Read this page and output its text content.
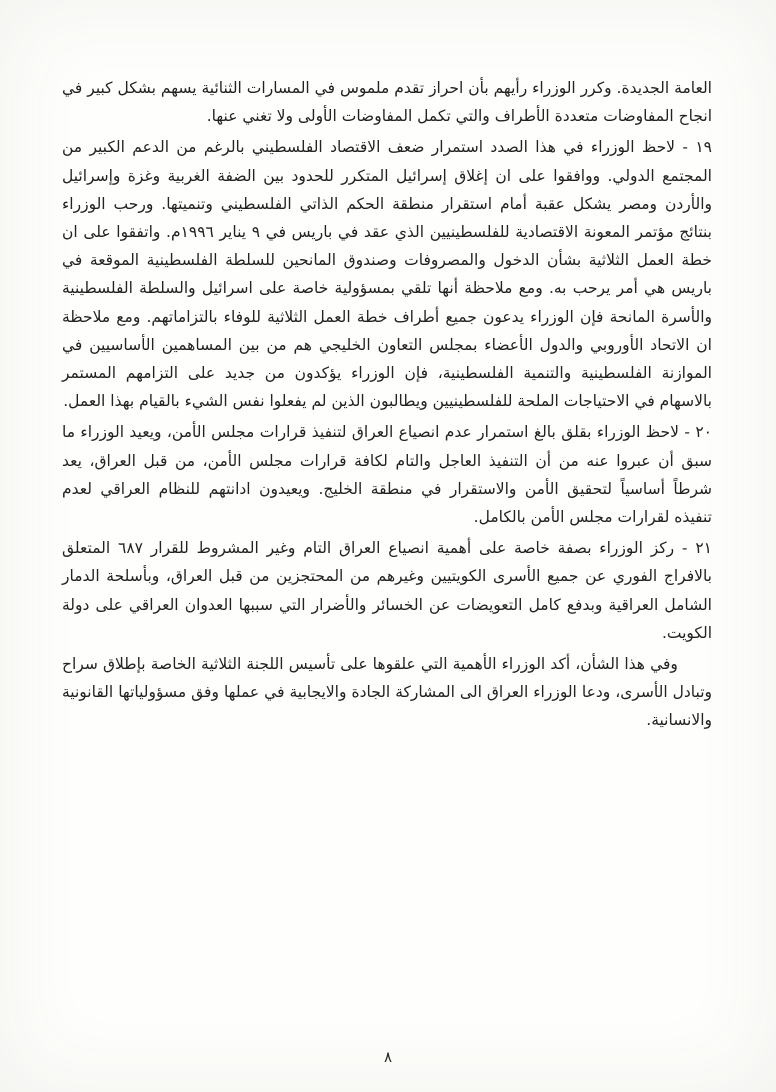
العامة الجديدة. وكرر الوزراء رأيهم بأن احراز تقدم ملموس في المسارات الثنائية يسهم بشكل كبير في انجاح المفاوضات متعددة الأطراف والتي تكمل المفاوضات الأولى ولا تغني عنها.

١٩ - لاحظ الوزراء في هذا الصدد استمرار ضعف الاقتصاد الفلسطيني بالرغم من الدعم الكبير من المجتمع الدولي. ووافقوا على ان إغلاق إسرائيل المتكرر للحدود بين الضفة الغربية وغزة وإسرائيل والأردن ومصر يشكل عقبة أمام استقرار منطقة الحكم الذاتي الفلسطيني وتنميتها. ورحب الوزراء بنتائج مؤتمر المعونة الاقتصادية للفلسطينيين الذي عقد في باريس في ٩ يناير ١٩٩٦م. واتفقوا على ان خطة العمل الثلاثية بشأن الدخول والمصروفات وصندوق المانحين للسلطة الفلسطينية الموقعة في باريس هي أمر يرحب به. ومع ملاحظة أنها تلقي بمسؤولية خاصة على اسرائيل والسلطة الفلسطينية والأسرة المانحة فإن الوزراء يدعون جميع أطراف خطة العمل الثلاثية للوفاء بالتزاماتهم. ومع ملاحظة ان الاتحاد الأوروبي والدول الأعضاء بمجلس التعاون الخليجي هم من بين المساهمين الأساسيين في الموازنة الفلسطينية والتنمية الفلسطينية، فإن الوزراء يؤكدون من جديد على التزامهم المستمر بالاسهام في الاحتياجات الملحة للفلسطينيين ويطالبون الذين لم يفعلوا نفس الشيء بالقيام بهذا العمل.

٢٠ - لاحظ الوزراء بقلق بالغ استمرار عدم انصياع العراق لتنفيذ قرارات مجلس الأمن، ويعيد الوزراء ما سبق أن عبروا عنه من أن التنفيذ العاجل والتام لكافة قرارات مجلس الأمن، من قبل العراق، يعد شرطاً أساسياً لتحقيق الأمن والاستقرار في منطقة الخليج. ويعيدون ادانتهم للنظام العراقي لعدم تنفيذه لقرارات مجلس الأمن بالكامل.

٢١ - ركز الوزراء بصفة خاصة على أهمية انصياع العراق التام وغير المشروط للقرار ٦٨٧ المتعلق بالافراج الفوري عن جميع الأسرى الكويتيين وغيرهم من المحتجزين من قبل العراق، وبأسلحة الدمار الشامل العراقية وبدفع كامل التعويضات عن الخسائر والأضرار التي سببها العدوان العراقي على دولة الكويت.

وفي هذا الشأن، أكد الوزراء الأهمية التي علقوها على تأسيس اللجنة الثلاثية الخاصة بإطلاق سراح وتبادل الأسرى، ودعا الوزراء العراق الى المشاركة الجادة والايجابية في عملها وفق مسؤولياتها القانونية والانسانية.

٨
